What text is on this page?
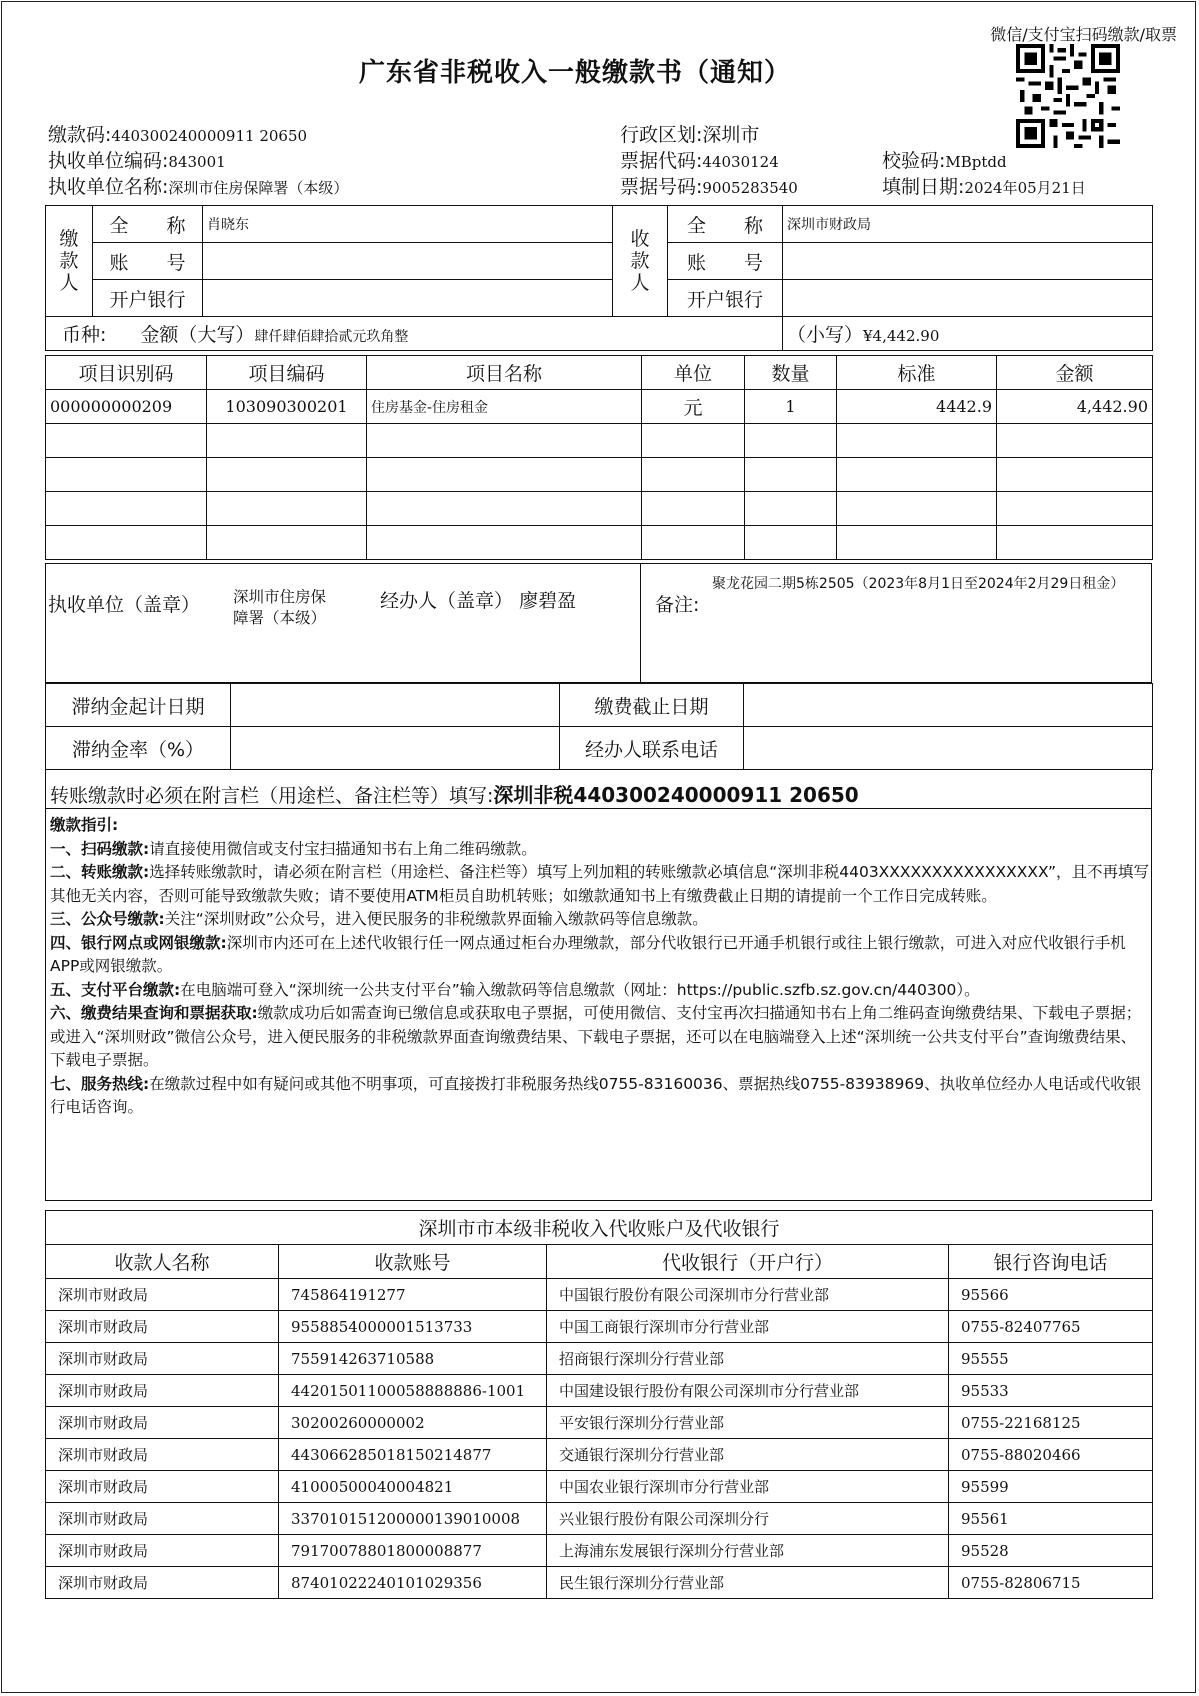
微信/支付宝扫码缴款/取票
广东省非税收入一般缴款书（通知）
缴款码:440300240000911 20650
执收单位编码:843001
执收单位名称:深圳市住房保障署（本级）
行政区划:深圳市
票据代码:44030124
票据号码:9005283540
校验码:MBptdd
填制日期:2024年05月21日
缴款人	全　　称	肖晓东	收款人	全　　称	深圳市财政局
	账　　号			账　　号	
	开户银行			开户银行	
币种: 金额（大写）肆仟肆佰肆拾贰元玖角整					（小写）¥4,442.90
项目识别码	项目编码	项目名称	单位	数量	标准	金额
000000000209	103090300201	住房基金-住房租金	元	1	4442.9	4,442.90

执收单位（盖章） 深圳市住房保
障署（本级）
经办人（盖章） 廖碧盈	备注:
聚龙花园二期5栋2505（2023年8月1日至2024年2月29日租金）
滞纳金起计日期		缴费截止日期	
滞纳金率（%）		经办人联系电话	
转账缴款时必须在附言栏（用途栏、备注栏等）填写:深圳非税440300240000911 20650

缴款指引:

一、扫码缴款:请直接使用微信或支付宝扫描通知书右上角二维码缴款。

二、转账缴款:选择转账缴款时，请必须在附言栏（用途栏、备注栏等）填写上列加粗的转账缴款必填信息“深圳非税4403XXXXXXXXXXXXXXXX”，且不再填写其他无关内容，否则可能导致缴款失败；请不要使用ATM柜员自助机转账；如缴款通知书上有缴费截止日期的请提前一个工作日完成转账。

三、公众号缴款:关注“深圳财政”公众号，进入便民服务的非税缴款界面输入缴款码等信息缴款。

四、银行网点或网银缴款:深圳市内还可在上述代收银行任一网点通过柜台办理缴款，部分代收银行已开通手机银行或往上银行缴款，可进入对应代收银行手机APP或网银缴款。

五、支付平台缴款:在电脑端可登入“深圳统一公共支付平台”输入缴款码等信息缴款（网址：https://public.szfb.sz.gov.cn/440300）。

六、缴费结果查询和票据获取:缴款成功后如需查询已缴信息或获取电子票据，可使用微信、支付宝再次扫描通知书右上角二维码查询缴费结果、下载电子票据；或进入“深圳财政”微信公众号，进入便民服务的非税缴款界面查询缴费结果、下载电子票据，还可以在电脑端登入上述“深圳统一公共支付平台”查询缴费结果、下载电子票据。

七、服务热线:在缴款过程中如有疑问或其他不明事项，可直接拨打非税服务热线0755-83160036、票据热线0755-83938969、执收单位经办人电话或代收银行电话咨询。

深圳市市本级非税收入代收账户及代收银行			
收款人名称	收款账号	代收银行（开户行）	银行咨询电话
深圳市财政局	745864191277	中国银行股份有限公司深圳市分行营业部	95566
深圳市财政局	9558854000001513733	中国工商银行深圳市分行营业部	0755-82407765
深圳市财政局	755914263710588	招商银行深圳分行营业部	95555
深圳市财政局	44201501100058888886-1001	中国建设银行股份有限公司深圳市分行营业部	95533
深圳市财政局	30200260000002	平安银行深圳分行营业部	0755-22168125
深圳市财政局	443066285018150214877	交通银行深圳分行营业部	0755-88020466
深圳市财政局	41000500040004821	中国农业银行深圳市分行营业部	95599
深圳市财政局	337010151200000139010008	兴业银行股份有限公司深圳分行	95561
深圳市财政局	79170078801800008877	上海浦东发展银行深圳分行营业部	95528
深圳市财政局	87401022240101029356	民生银行深圳分行营业部	0755-82806715
